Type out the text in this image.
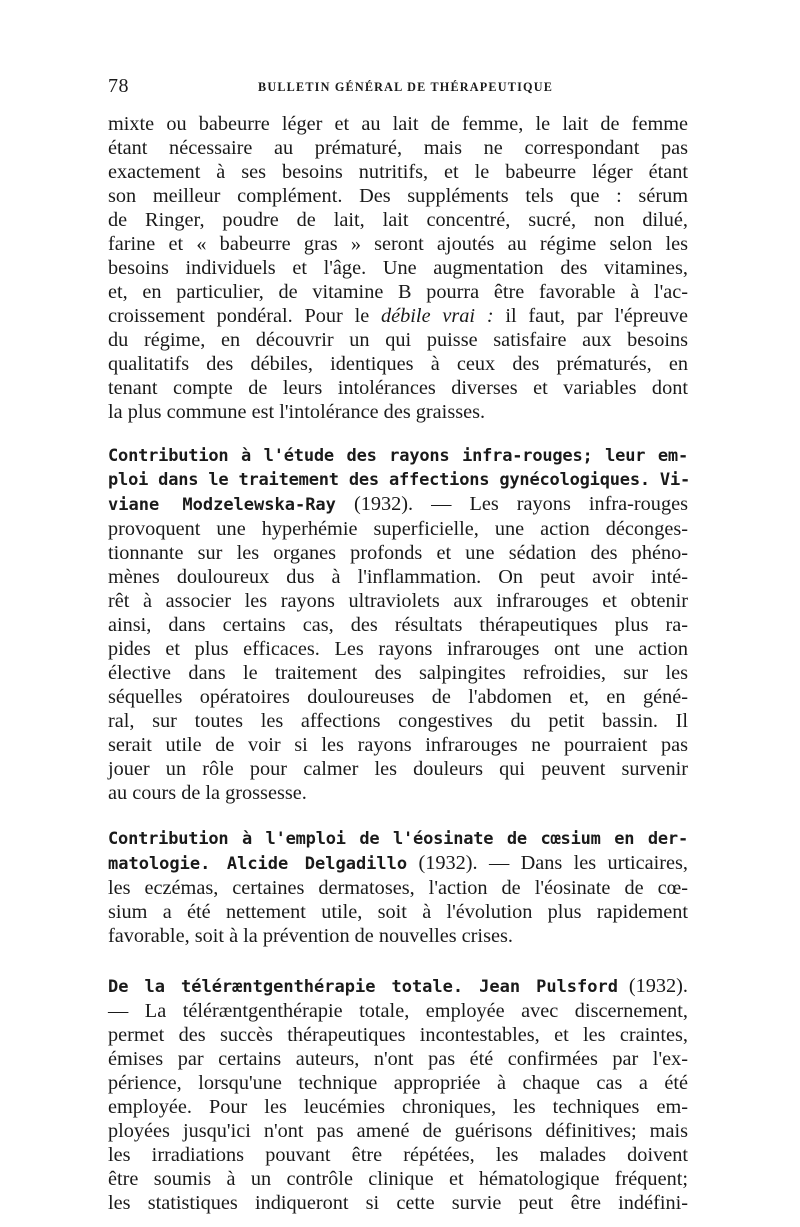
78	BULLETIN GÉNÉRAL DE THÉRAPEUTIQUE
mixte ou babeurre léger et au lait de femme, le lait de femme
étant nécessaire au prématuré, mais ne correspondant pas
exactement à ses besoins nutritifs, et le babeurre léger étant
son meilleur complément. Des suppléments tels que : sérum
de Ringer, poudre de lait, lait concentré, sucré, non dilué,
farine et « babeurre gras » seront ajoutés au régime selon les
besoins individuels et l'âge. Une augmentation des vitamines,
et, en particulier, de vitamine B pourra être favorable à l'ac-
croissement pondéral. Pour le débile vrai : il faut, par l'épreuve
du régime, en découvrir un qui puisse satisfaire aux besoins
qualitatifs des débiles, identiques à ceux des prématurés, en
tenant compte de leurs intolérances diverses et variables dont
la plus commune est l'intolérance des graisses.
Contribution à l'étude des rayons infra-rouges; leur em-
ploi dans le traitement des affections gynécologiques. Vi-
viane Modzelewska-Ray (1932). — Les rayons infra-rouges
provoquent une hyperhémie superficielle, une action déconges-
tionnante sur les organes profonds et une sédation des phéno-
mènes douloureux dus à l'inflammation. On peut avoir inté-
rêt à associer les rayons ultraviolets aux infrarouges et obtenir
ainsi, dans certains cas, des résultats thérapeutiques plus ra-
pides et plus efficaces. Les rayons infrarouges ont une action
élective dans le traitement des salpingites refroidies, sur les
séquelles opératoires douloureuses de l'abdomen et, en géné-
ral, sur toutes les affections congestives du petit bassin. Il
serait utile de voir si les rayons infrarouges ne pourraient pas
jouer un rôle pour calmer les douleurs qui peuvent survenir
au cours de la grossesse.
Contribution à l'emploi de l'éosinate de cœsium en der-
matologie. Alcide Delgadillo (1932). — Dans les urticaires,
les eczémas, certaines dermatoses, l'action de l'éosinate de cœ-
sium a été nettement utile, soit à l'évolution plus rapidement
favorable, soit à la prévention de nouvelles crises.
De la téléræntgenthérapie totale. Jean Pulsford (1932).
— La téléræntgenthérapie totale, employée avec discernement,
permet des succès thérapeutiques incontestables, et les craintes,
émises par certains auteurs, n'ont pas été confirmées par l'ex-
périence, lorsqu'une technique appropriée à chaque cas a été
employée. Pour les leucémies chroniques, les techniques em-
ployées jusqu'ici n'ont pas amené de guérisons définitives; mais
les irradiations pouvant être répétées, les malades doivent
être soumis à un contrôle clinique et hématologique fréquent;
les statistiques indiqueront si cette survie peut être indéfini-
